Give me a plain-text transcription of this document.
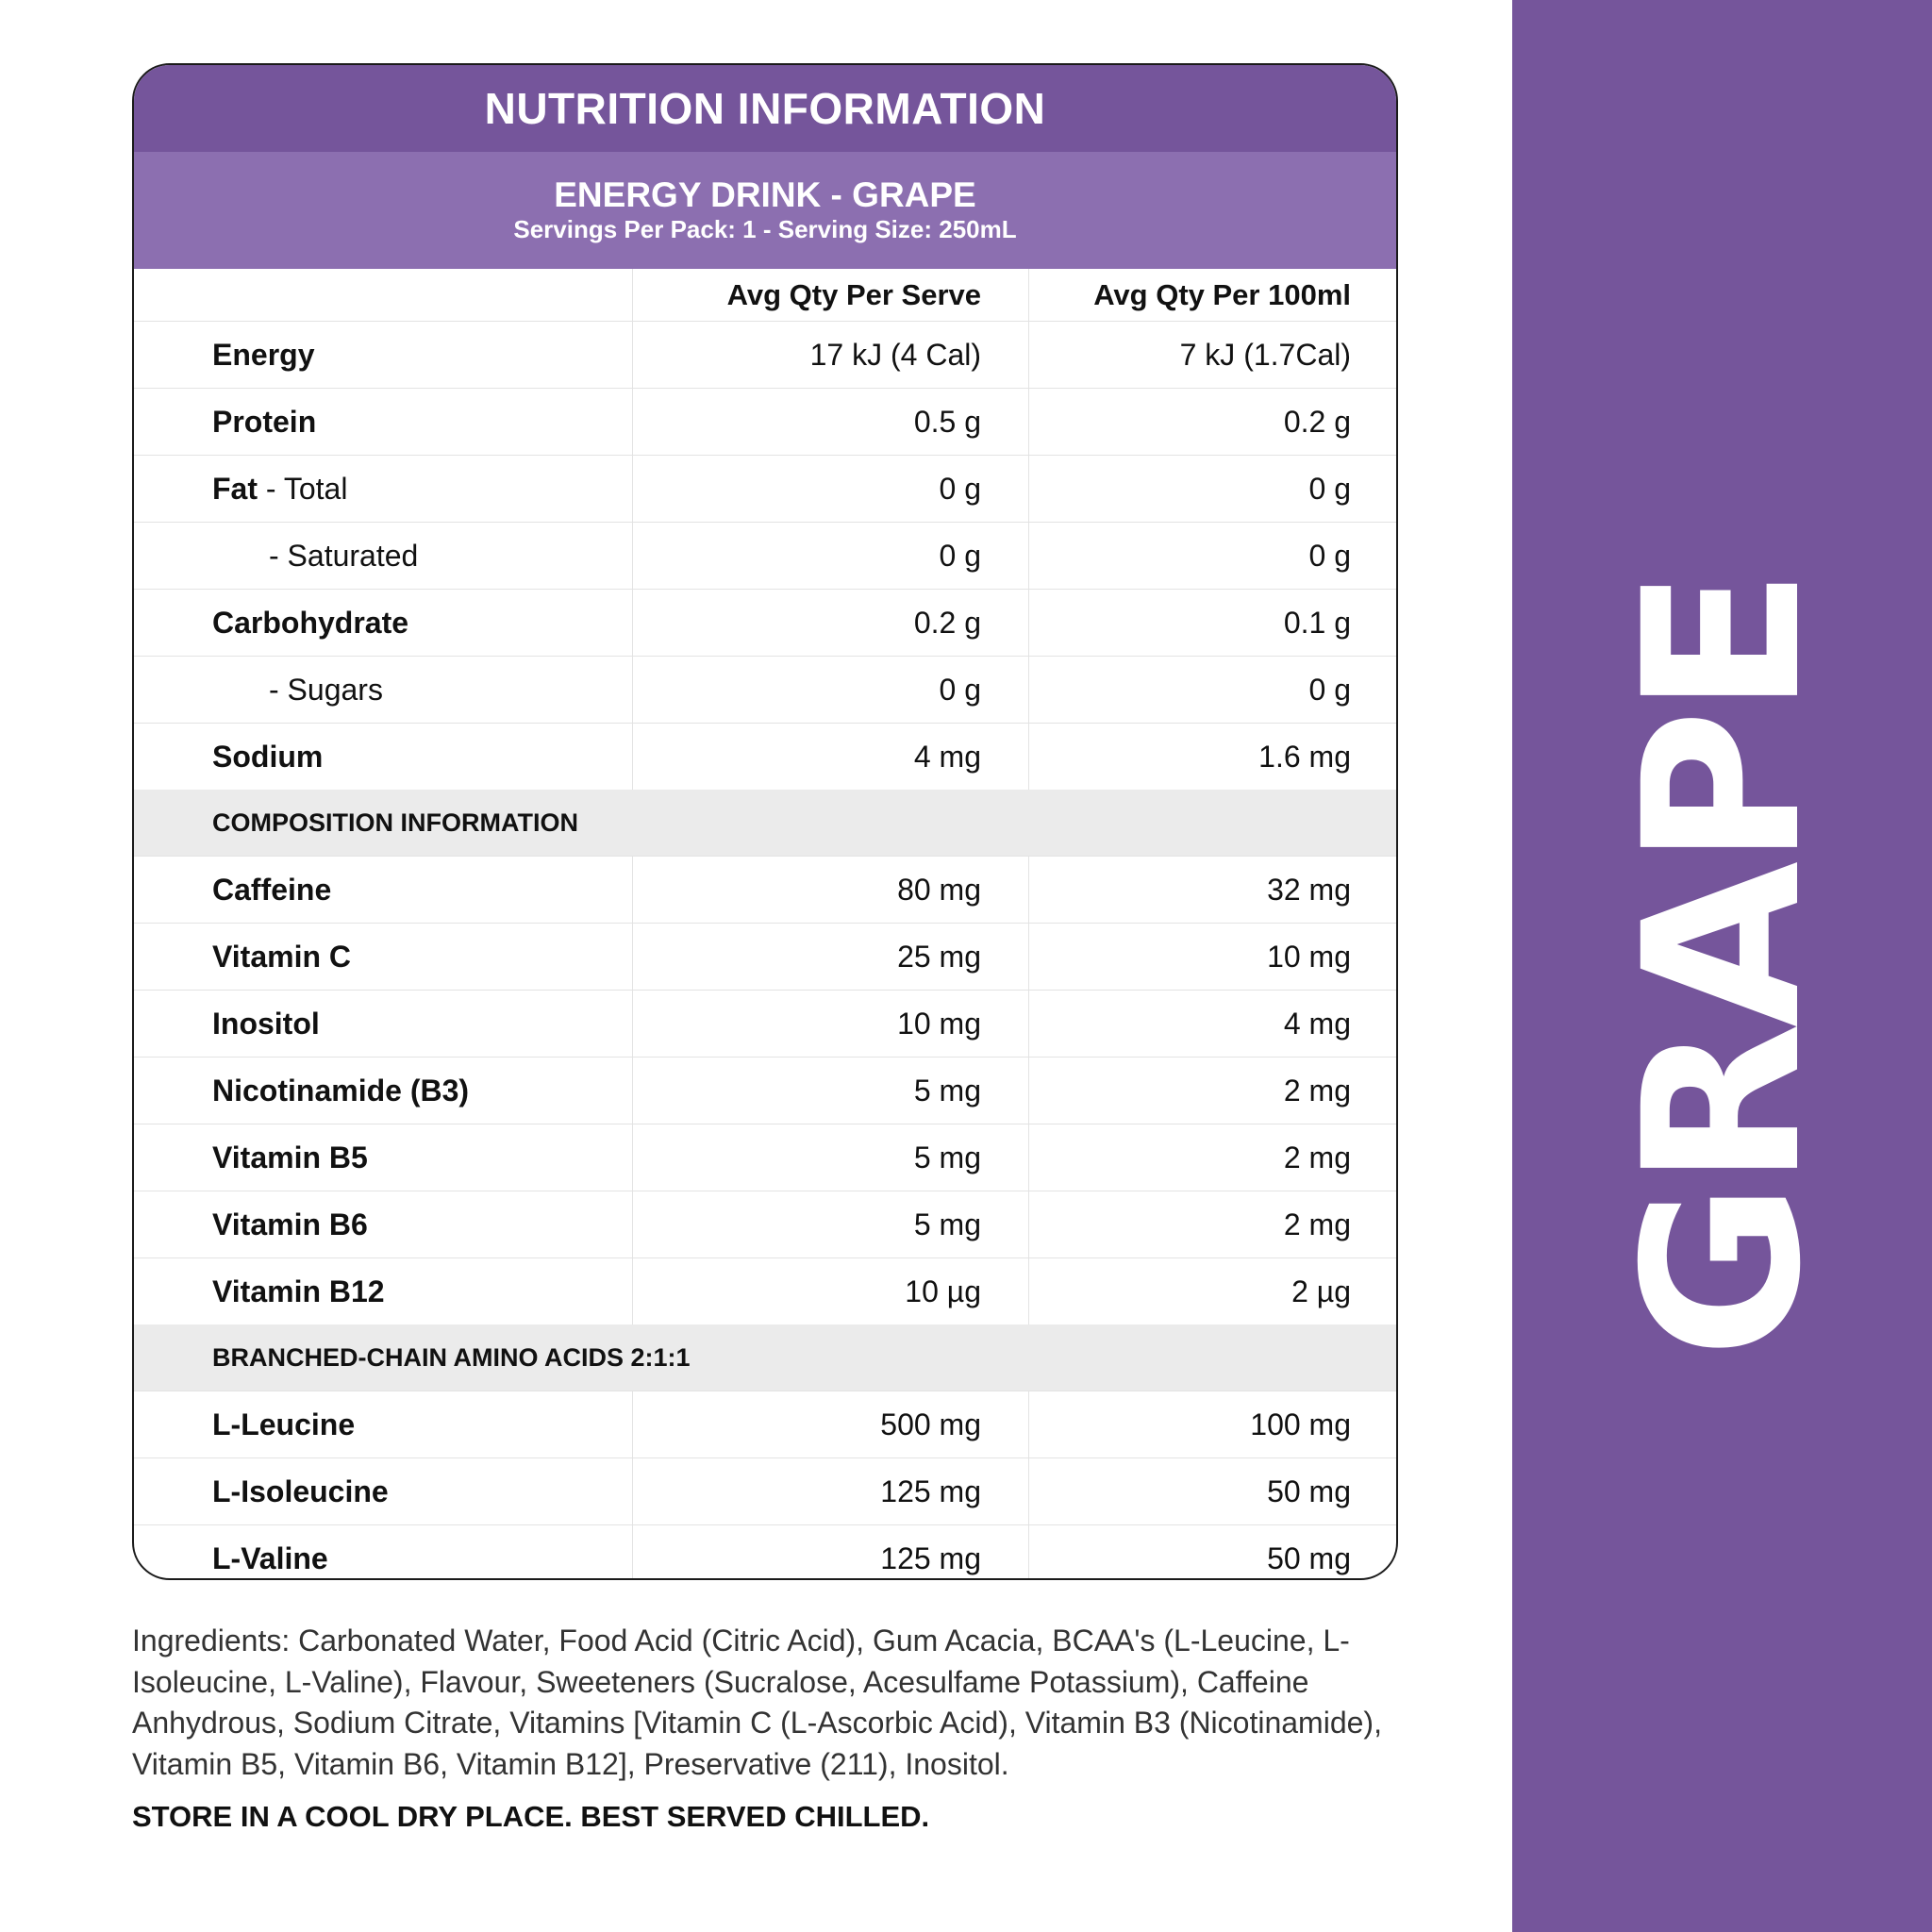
GRAPE
NUTRITION INFORMATION
ENERGY DRINK - GRAPE
Servings Per Pack: 1 - Serving Size: 250mL
Avg Qty Per Serve	Avg Qty Per 100ml
Energy	17 kJ (4 Cal)	7 kJ (1.7Cal)
Protein	0.5 g	0.2 g
Fat - Total	0 g	0 g
- Saturated	0 g	0 g
Carbohydrate	0.2 g	0.1 g
- Sugars	0 g	0 g
Sodium	4 mg	1.6 mg
COMPOSITION INFORMATION
Caffeine	80 mg	32 mg
Vitamin C	25 mg	10 mg
Inositol	10 mg	4 mg
Nicotinamide (B3)	5 mg	2 mg
Vitamin B5	5 mg	2 mg
Vitamin B6	5 mg	2 mg
Vitamin B12	10 µg	2 µg
BRANCHED-CHAIN AMINO ACIDS 2:1:1
L-Leucine	500 mg	100 mg
L-Isoleucine	125 mg	50 mg
L-Valine	125 mg	50 mg
Ingredients: Carbonated Water, Food Acid (Citric Acid), Gum Acacia, BCAA's (L-Leucine, L-Isoleucine, L-Valine), Flavour, Sweeteners (Sucralose, Acesulfame Potassium), Caffeine Anhydrous, Sodium Citrate, Vitamins [Vitamin C (L-Ascorbic Acid), Vitamin B3 (Nicotinamide), Vitamin B5, Vitamin B6, Vitamin B12], Preservative (211), Inositol.
STORE IN A COOL DRY PLACE. BEST SERVED CHILLED.
